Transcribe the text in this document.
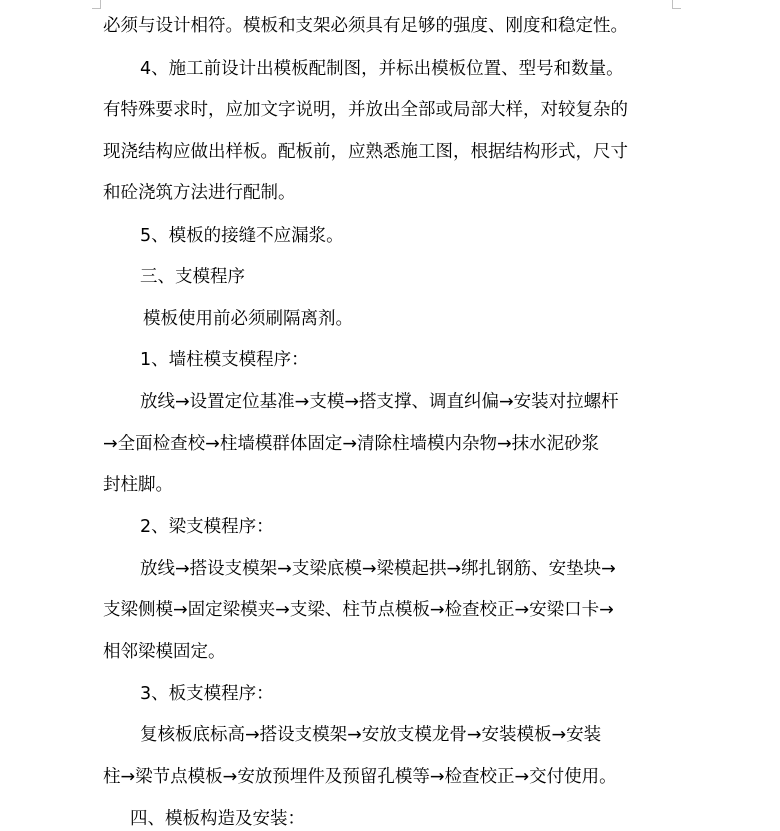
必须与设计相符。模板和支架必须具有足够的强度、刚度和稳定性。
4、施工前设计出模板配制图，并标出模板位置、型号和数量。
有特殊要求时，应加文字说明，并放出全部或局部大样，对较复杂的
现浇结构应做出样板。配板前，应熟悉施工图，根据结构形式，尺寸
和砼浇筑方法进行配制。
5、模板的接缝不应漏浆。
三、支模程序
模板使用前必须刷隔离剂。
1、墙柱模支模程序：
放线→设置定位基准→支模→搭支撑、调直纠偏→安装对拉螺杆
→全面检查校→柱墙模群体固定→清除柱墙模内杂物→抹水泥砂浆
封柱脚。
2、梁支模程序：
放线→搭设支模架→支梁底模→梁模起拱→绑扎钢筋、安垫块→
支梁侧模→固定梁模夹→支梁、柱节点模板→检查校正→安梁口卡→
相邻梁模固定。
3、板支模程序：
复核板底标高→搭设支模架→安放支模龙骨→安装模板→安装
柱→梁节点模板→安放预埋件及预留孔模等→检查校正→交付使用。
四、模板构造及安装：
